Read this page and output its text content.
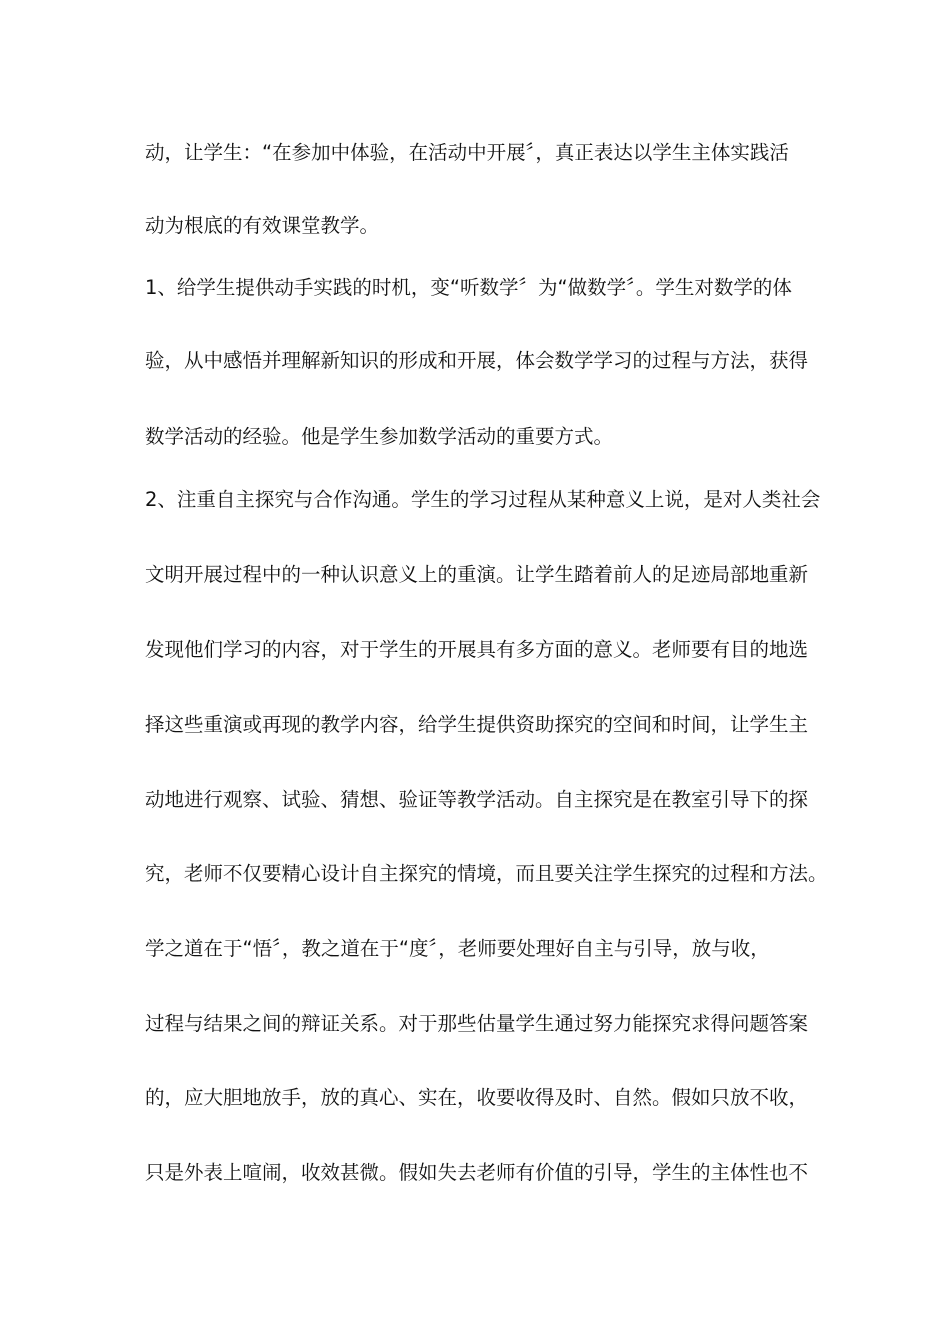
动，让学生：“在参加中体验，在活动中开展〞，真正表达以学生主体实践活
动为根底的有效课堂教学。
1、给学生提供动手实践的时机，变“听数学〞为“做数学〞。学生对数学的体
验，从中感悟并理解新知识的形成和开展，体会数学学习的过程与方法，获得
数学活动的经验。他是学生参加数学活动的重要方式。
2、注重自主探究与合作沟通。学生的学习过程从某种意义上说，是对人类社会
文明开展过程中的一种认识意义上的重演。让学生踏着前人的足迹局部地重新
发现他们学习的内容，对于学生的开展具有多方面的意义。老师要有目的地选
择这些重演或再现的教学内容，给学生提供资助探究的空间和时间，让学生主
动地进行观察、试验、猜想、验证等教学活动。自主探究是在教室引导下的探
究，老师不仅要精心设计自主探究的情境，而且要关注学生探究的过程和方法。
学之道在于“悟〞，教之道在于“度〞，老师要处理好自主与引导，放与收，
过程与结果之间的辩证关系。对于那些估量学生通过努力能探究求得问题答案
的，应大胆地放手，放的真心、实在，收要收得及时、自然。假如只放不收，
只是外表上喧闹，收效甚微。假如失去老师有价值的引导，学生的主体性也不
